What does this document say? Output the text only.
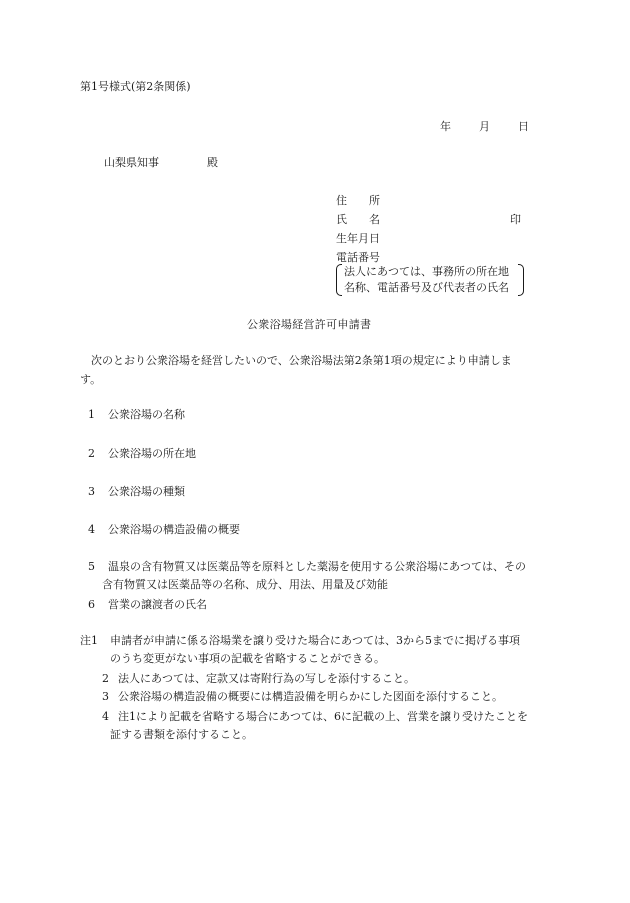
第1号様式(第2条関係)
年	月	日
山梨県知事	殿
住　　所
氏　　名	印
生年月日
電話番号
法人にあつては、事務所の所在地
名称、電話番号及び代表者の氏名
公衆浴場経営許可申請書
次のとおり公衆浴場を経営したいので、公衆浴場法第2条第1項の規定により申請しま
す。
1 公衆浴場の名称
2 公衆浴場の所在地
3 公衆浴場の種類
4 公衆浴場の構造設備の概要
5 温泉の含有物質又は医薬品等を原料とした薬湯を使用する公衆浴場にあつては、その
含有物質又は医薬品等の名称、成分、用法、用量及び効能
6 営業の譲渡者の氏名
注1 申請者が申請に係る浴場業を譲り受けた場合にあつては、3から5までに掲げる事項
のうち変更がない事項の記載を省略することができる。
2 法人にあつては、定款又は寄附行為の写しを添付すること。
3 公衆浴場の構造設備の概要には構造設備を明らかにした図面を添付すること。
4 注1により記載を省略する場合にあつては、6に記載の上、営業を譲り受けたことを
証する書類を添付すること。
